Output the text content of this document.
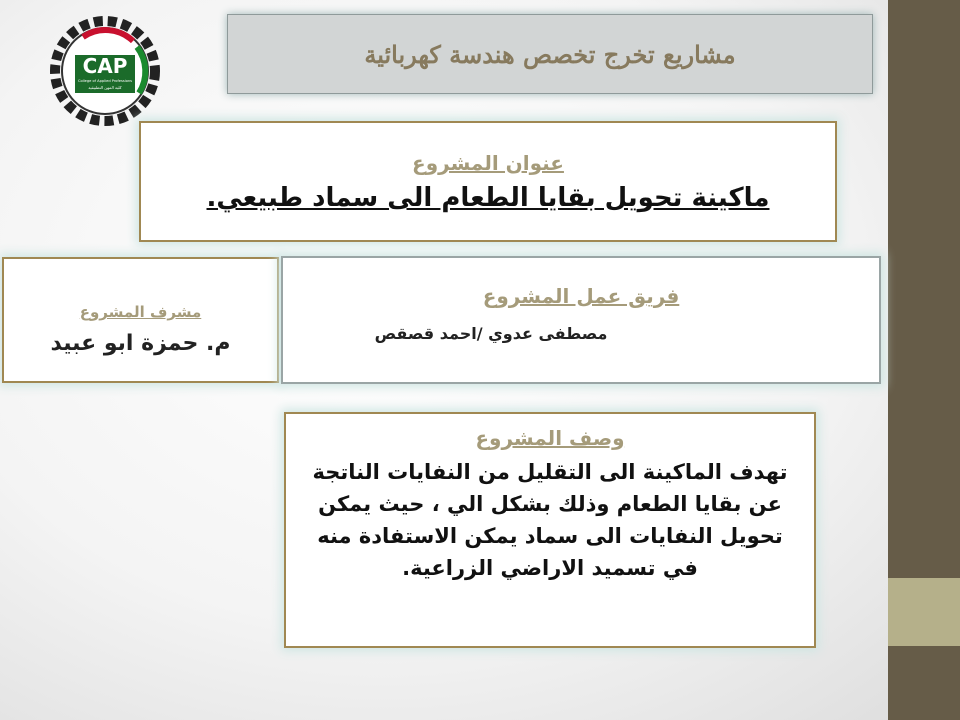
CAP
College of Applied Professions
كلية المهن التطبيقية
مشاريع تخرج تخصص هندسة كهربائية
عنوان المشروع
ماكينة تحويل بقايا الطعام الى سماد طبيعي.
مشرف المشروع
م. حمزة ابو عبيد
فريق عمل المشروع
مصطفى عدوي /احمد قصقص
وصف المشروع
تهدف الماكينة الى التقليل من النفايات الناتجة عن بقايا الطعام وذلك بشكل الي ، حيث يمكن تحويل النفايات الى سماد يمكن الاستفادة منه في تسميد الاراضي الزراعية.
